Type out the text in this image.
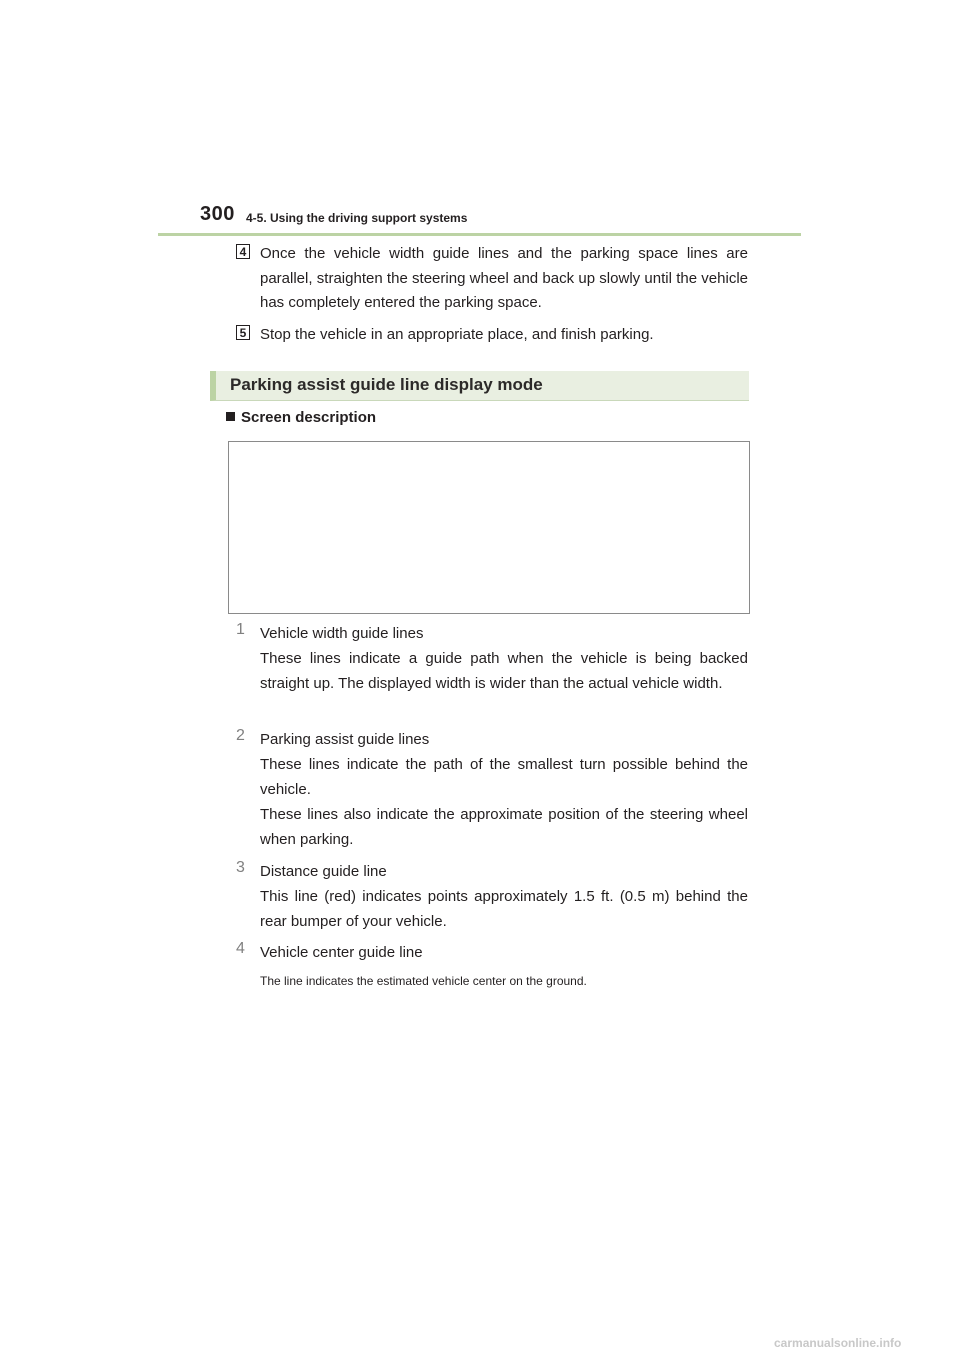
300 4-5. Using the driving support systems
4 Once the vehicle width guide lines and the parking space lines are parallel, straighten the steering wheel and back up slowly until the vehicle has completely entered the parking space.
5 Stop the vehicle in an appropriate place, and finish parking.
Parking assist guide line display mode
Screen description
1	Vehicle width guide lines
These lines indicate a guide path when the vehicle is being backed straight up. The displayed width is wider than the actual vehicle width.
2	Parking assist guide lines
These lines indicate the path of the smallest turn possible behind the vehicle.
These lines also indicate the approximate position of the steering wheel when parking.
3	Distance guide line
This line (red) indicates points approximately 1.5 ft. (0.5 m) behind the rear bumper of your vehicle.
4	Vehicle center guide line
The line indicates the estimated vehicle center on the ground.
carmanualsonline.info
